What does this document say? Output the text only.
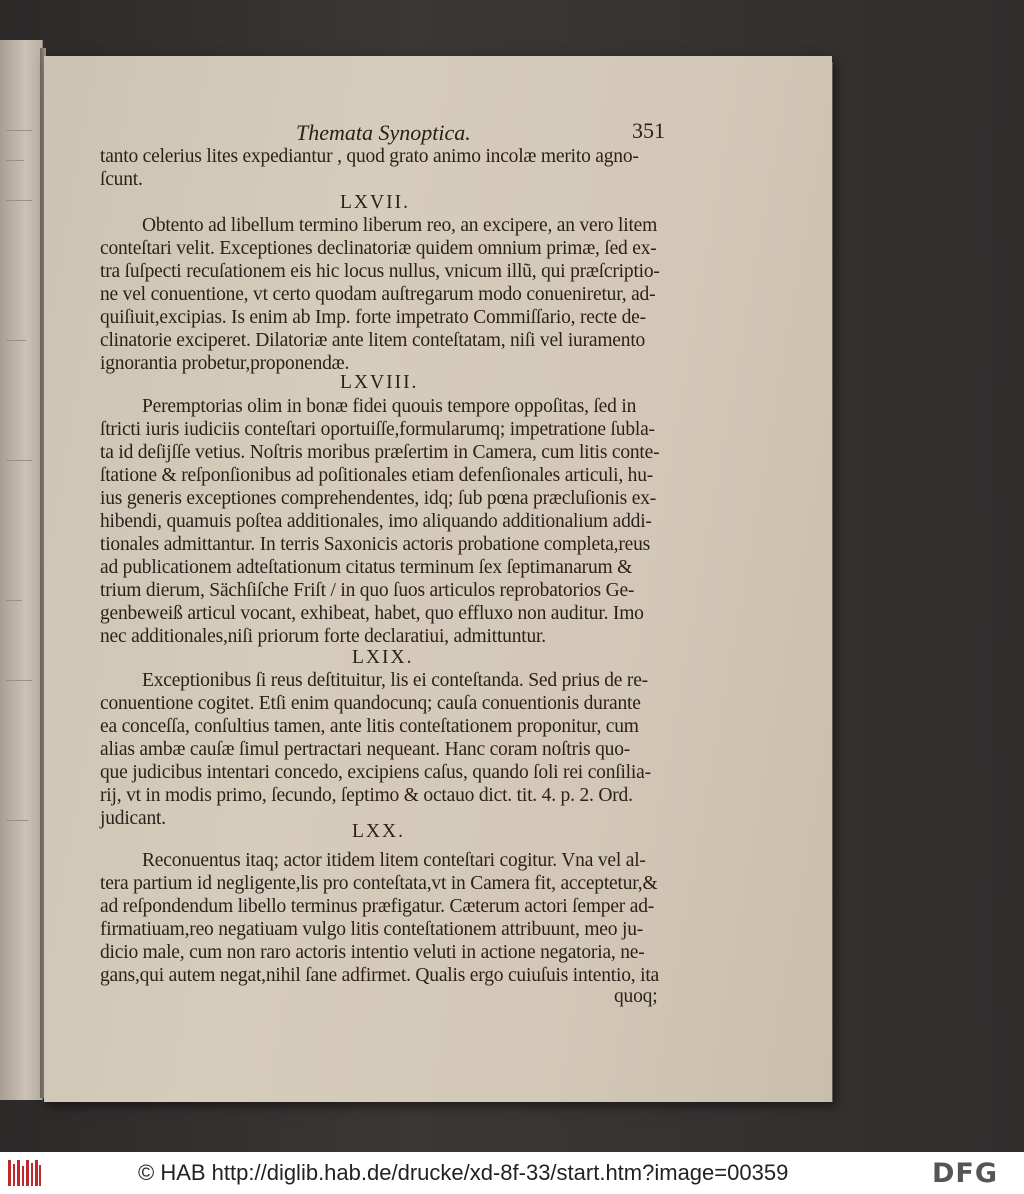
Themata Synoptica.	351
tanto celerius lites expediantur , quod grato animo incolæ merito agno-
ſcunt.
LXVII.
Obtento ad libellum termino liberum reo, an excipere, an vero litem
conteſtari velit. Exceptiones declinatoriæ quidem omnium primæ, ſed ex-
tra ſuſpecti recuſationem eis hic locus nullus, vnicum illũ, qui præſcriptio-
ne vel conuentione, vt certo quodam auſtregarum modo conueniretur, ad-
quiſiuit,excipias. Is enim ab Imp. forte impetrato Commiſſario, recte de-
clinatorie exciperet. Dilatoriæ ante litem conteſtatam, niſi vel iuramento
ignorantia probetur,proponendæ.
LXVIII.
Peremptorias olim in bonæ fidei quouis tempore oppoſitas, ſed in
ſtricti iuris iudiciis conteſtari oportuiſſe,formularumq; impetratione ſubla-
ta id deſijſſe vetius. Noſtris moribus præſertim in Camera, cum litis conte-
ſtatione & reſponſionibus ad poſitionales etiam defenſionales articuli, hu-
ius generis exceptiones comprehendentes, idq; ſub pœna præcluſionis ex-
hibendi, quamuis poſtea additionales, imo aliquando additionalium addi-
tionales admittantur. In terris Saxonicis actoris probatione completa,reus
ad publicationem adteſtationum citatus terminum ſex ſeptimanarum &
trium dierum, Sächſiſche Friſt / in quo ſuos articulos reprobatorios Ge-
genbeweiß articul vocant, exhibeat, habet, quo effluxo non auditur. Imo
nec additionales,niſi priorum forte declaratiui, admittuntur.
LXIX.
Exceptionibus ſi reus deſtituitur, lis ei conteſtanda. Sed prius de re-
conuentione cogitet. Etſi enim quandocunq; cauſa conuentionis durante
ea conceſſa, conſultius tamen, ante litis conteſtationem proponitur, cum
alias ambæ cauſæ ſimul pertractari nequeant. Hanc coram noſtris quo-
que judicibus intentari concedo, excipiens caſus, quando ſoli rei conſilia-
rij, vt in modis primo, ſecundo, ſeptimo & octauo dict. tit. 4. p. 2. Ord.
judicant.
LXX.
Reconuentus itaq; actor itidem litem conteſtari cogitur. Vna vel al-
tera partium id negligente,lis pro conteſtata,vt in Camera fit, acceptetur,&
ad reſpondendum libello terminus præfigatur. Cæterum actori ſemper ad-
firmatiuam,reo negatiuam vulgo litis conteſtationem attribuunt, meo ju-
dicio male, cum non raro actoris intentio veluti in actione negatoria, ne-
gans,qui autem negat,nihil ſane adfirmet. Qualis ergo cuiuſuis intentio, ita
quoq;
© HAB http://diglib.hab.de/drucke/xd-8f-33/start.htm?image=00359	DFG
